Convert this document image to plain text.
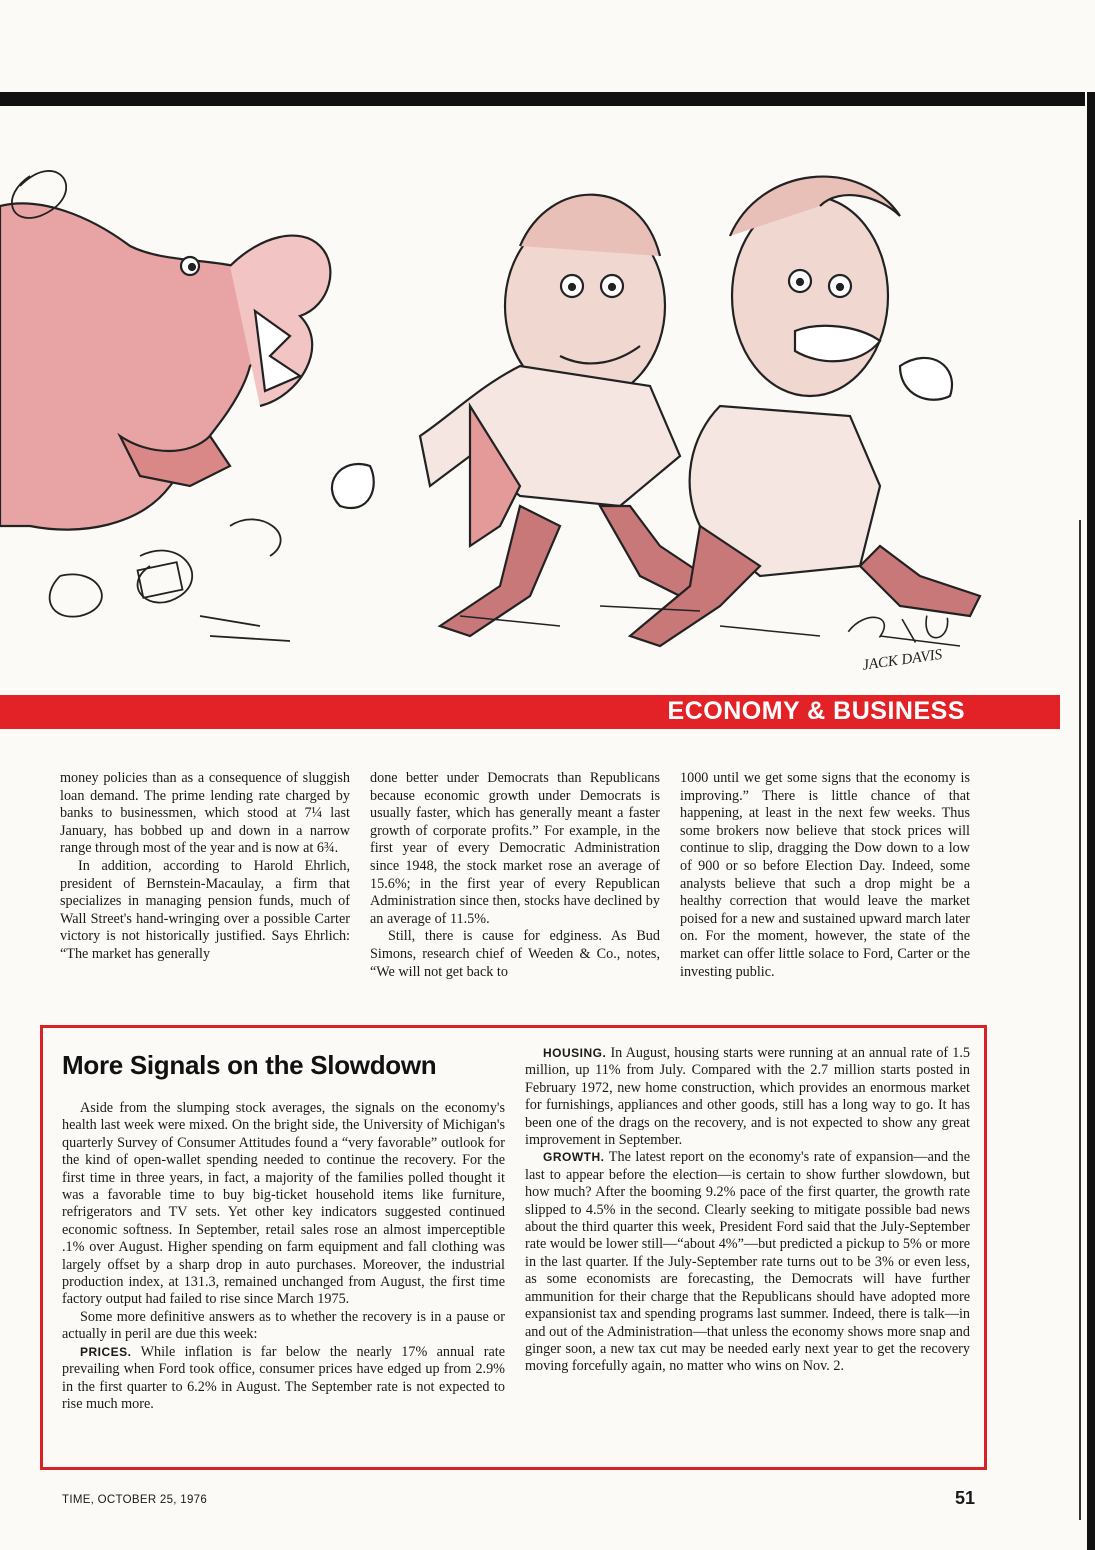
JACK DAVIS
ECONOMY & BUSINESS

money policies than as a consequence of sluggish loan demand. The prime lending rate charged by banks to businessmen, which stood at 7¼ last January, has bobbed up and down in a narrow range through most of the year and is now at 6¾.

In addition, according to Harold Ehrlich, president of Bernstein-Macaulay, a firm that specializes in managing pension funds, much of Wall Street's hand-wringing over a possible Carter victory is not historically justified. Says Ehrlich: “The market has generally

done better under Democrats than Republicans because economic growth under Democrats is usually faster, which has generally meant a faster growth of corporate profits.” For example, in the first year of every Democratic Administration since 1948, the stock market rose an average of 15.6%; in the first year of every Republican Administration since then, stocks have declined by an average of 11.5%.

Still, there is cause for edginess. As Bud Simons, research chief of Weeden & Co., notes, “We will not get back to

1000 until we get some signs that the economy is improving.” There is little chance of that happening, at least in the next few weeks. Thus some brokers now believe that stock prices will continue to slip, dragging the Dow down to a low of 900 or so before Election Day. Indeed, some analysts believe that such a drop might be a healthy correction that would leave the market poised for a new and sustained upward march later on. For the moment, however, the state of the market can offer little solace to Ford, Carter or the investing public.

More Signals on the Slowdown

Aside from the slumping stock averages, the signals on the economy's health last week were mixed. On the bright side, the University of Michigan's quarterly Survey of Consumer Attitudes found a “very favorable” outlook for the kind of open-wallet spending needed to continue the recovery. For the first time in three years, in fact, a majority of the families polled thought it was a favorable time to buy big-ticket household items like furniture, refrigerators and TV sets. Yet other key indicators suggested continued economic softness. In September, retail sales rose an almost imperceptible .1% over August. Higher spending on farm equipment and fall clothing was largely offset by a sharp drop in auto purchases. Moreover, the industrial production index, at 131.3, remained unchanged from August, the first time factory output had failed to rise since March 1975.

Some more definitive answers as to whether the recovery is in a pause or actually in peril are due this week:

PRICES. While inflation is far below the nearly 17% annual rate prevailing when Ford took office, consumer prices have edged up from 2.9% in the first quarter to 6.2% in August. The September rate is not expected to rise much more.

HOUSING. In August, housing starts were running at an annual rate of 1.5 million, up 11% from July. Compared with the 2.7 million starts posted in February 1972, new home construction, which provides an enormous market for furnishings, appliances and other goods, still has a long way to go. It has been one of the drags on the recovery, and is not expected to show any great improvement in September.

GROWTH. The latest report on the economy's rate of expansion—and the last to appear before the election—is certain to show further slowdown, but how much? After the booming 9.2% pace of the first quarter, the growth rate slipped to 4.5% in the second. Clearly seeking to mitigate possible bad news about the third quarter this week, President Ford said that the July-September rate would be lower still—“about 4%”—but predicted a pickup to 5% or more in the last quarter. If the July-September rate turns out to be 3% or even less, as some economists are forecasting, the Democrats will have further ammunition for their charge that the Republicans should have adopted more expansionist tax and spending programs last summer. Indeed, there is talk—in and out of the Administration—that unless the economy shows more snap and ginger soon, a new tax cut may be needed early next year to get the recovery moving forcefully again, no matter who wins on Nov. 2.

TIME, OCTOBER 25, 1976	51
